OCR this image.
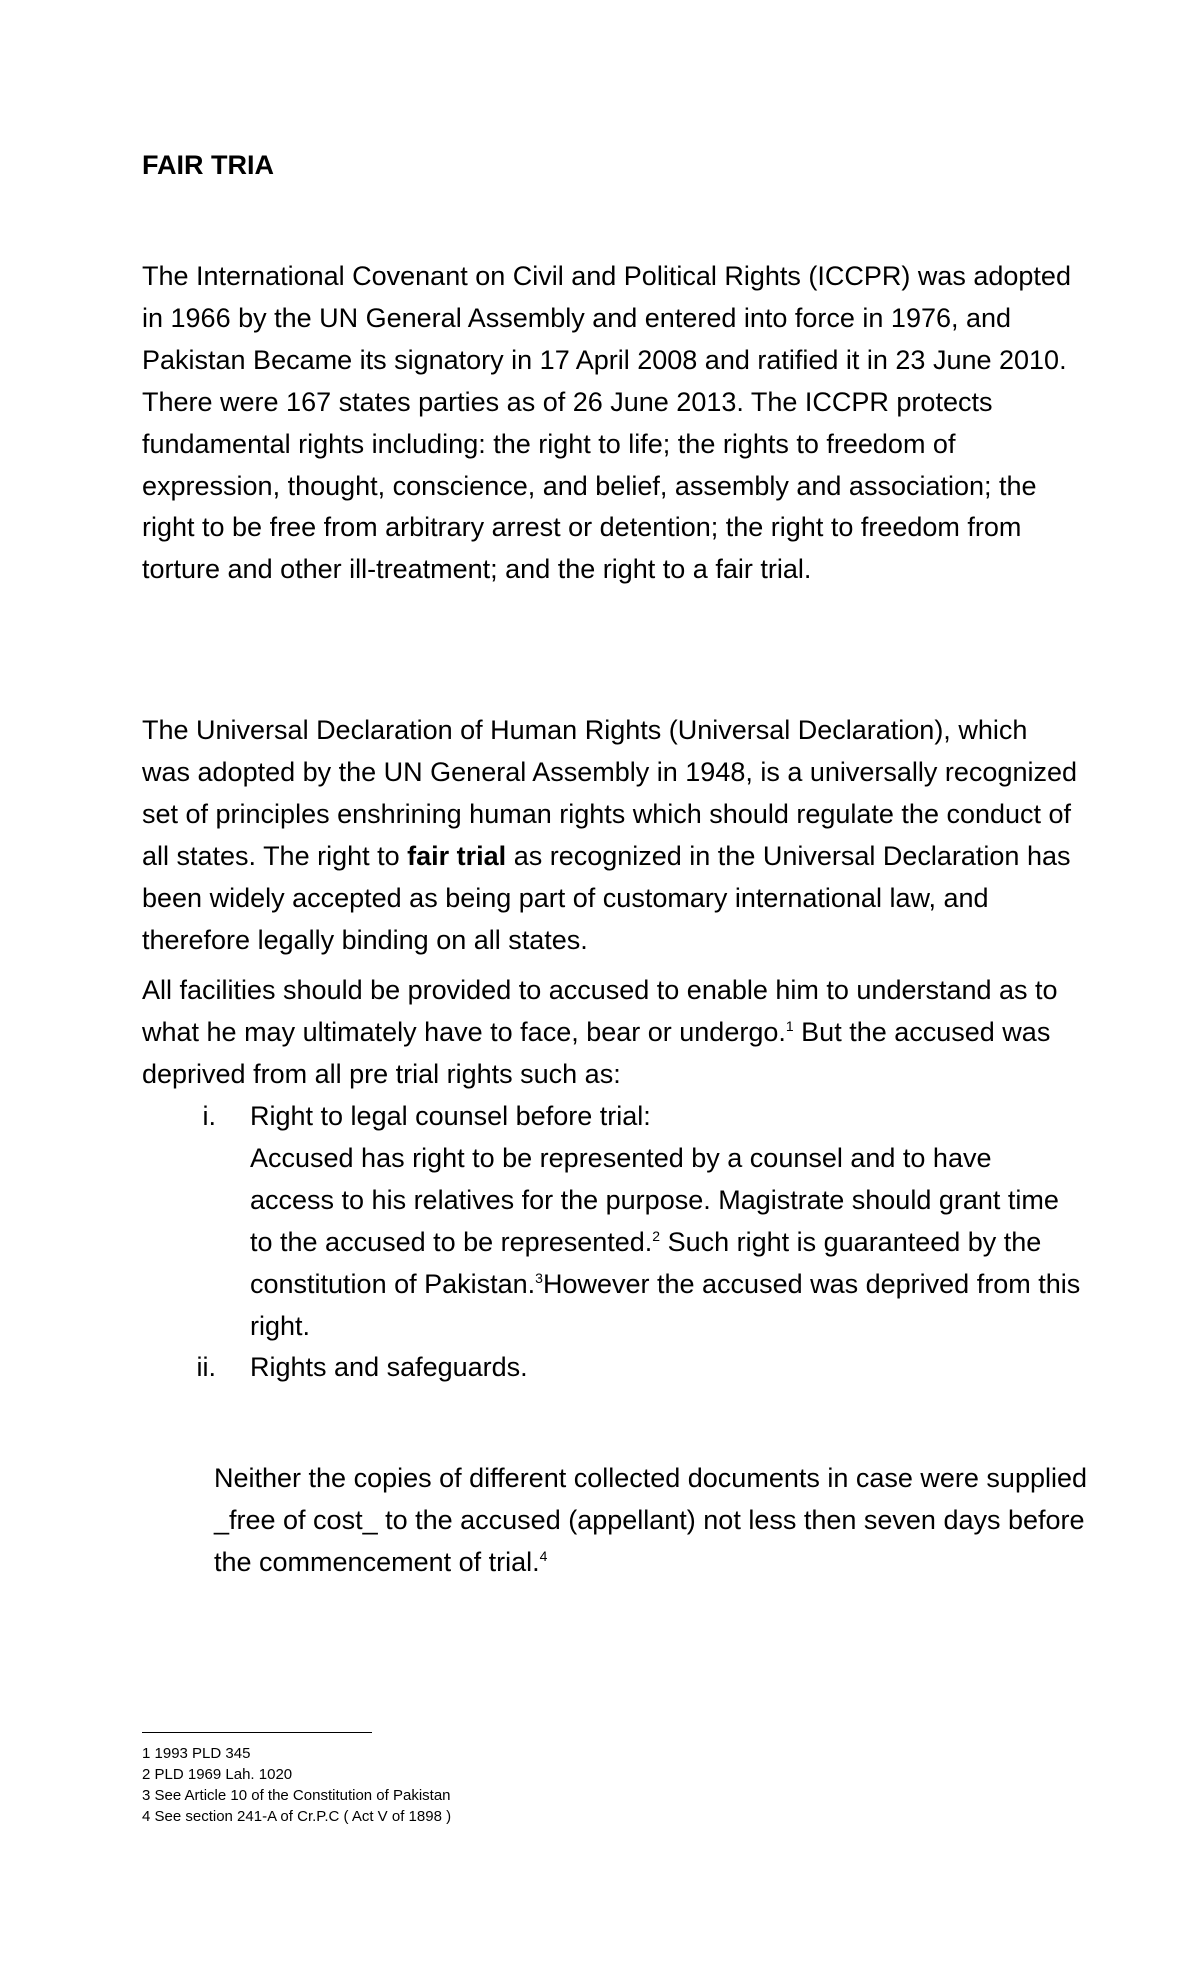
FAIR TRIA

The International Covenant on Civil and Political Rights (ICCPR) was adopted in 1966 by the UN General Assembly and entered into force in 1976, and Pakistan Became its signatory in 17 April 2008 and ratified it in 23 June 2010. There were 167 states parties as of 26 June 2013. The ICCPR protects fundamental rights including: the right to life; the rights to freedom of expression, thought, conscience, and belief, assembly and association; the right to be free from arbitrary arrest or detention; the right to freedom from torture and other ill-treatment; and the right to a fair trial.

The Universal Declaration of Human Rights (Universal Declaration), which was adopted by the UN General Assembly in 1948, is a universally recognized set of principles enshrining human rights which should regulate the conduct of all states. The right to fair trial as recognized in the Universal Declaration has been widely accepted as being part of customary international law, and therefore legally binding on all states.

All facilities should be provided to accused to enable him to understand as to what he may ultimately have to face, bear or undergo.$^1$ But the accused was deprived from all pre trial rights such as:

i. Right to legal counsel before trial:
Accused has right to be represented by a counsel and to have access to his relatives for the purpose. Magistrate should grant time to the accused to be represented.$^2$ Such right is guaranteed by the constitution of Pakistan.$^3$However the accused was deprived from this right.
ii. Rights and safeguards.

Neither the copies of different collected documents in case were supplied _free of cost_ to the accused (appellant) not less then seven days before the commencement of trial.$^4$

1 1993 PLD 345
2 PLD 1969 Lah. 1020
3 See Article 10 of the Constitution of Pakistan
4 See section 241-A of Cr.P.C ( Act V of 1898 )
